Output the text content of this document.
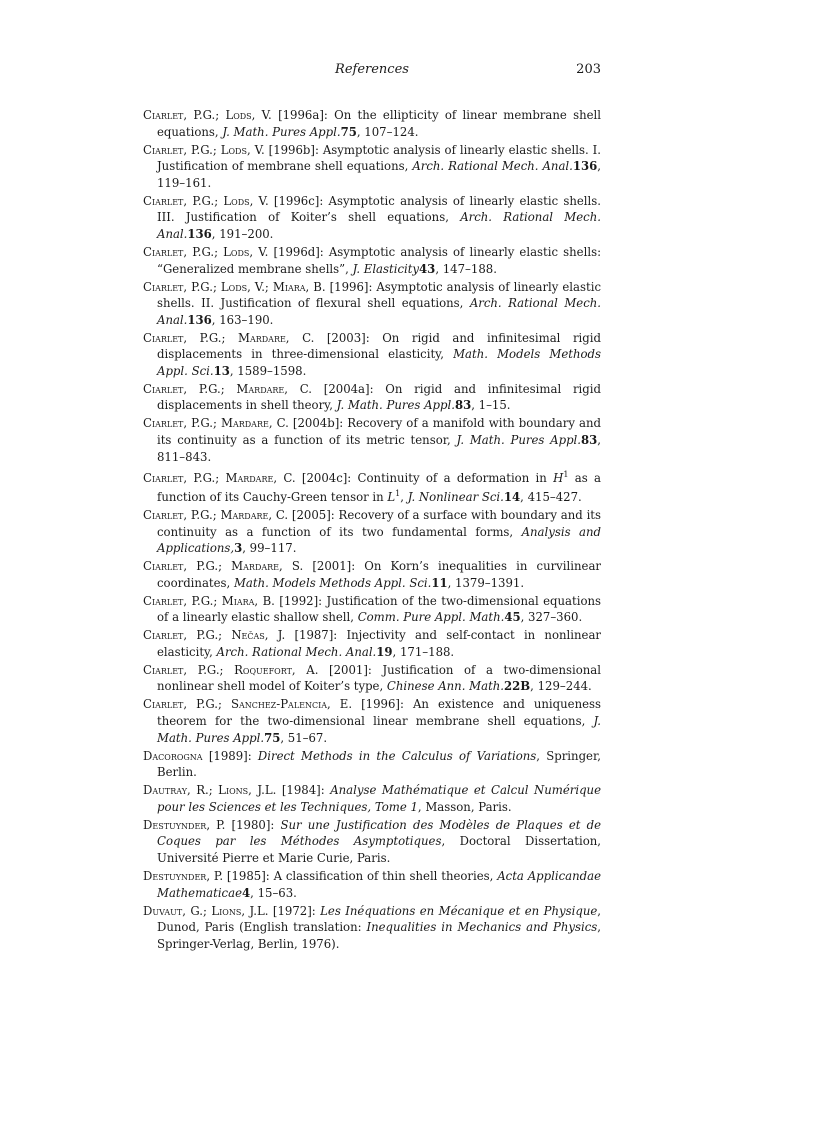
References	203
Ciarlet, P.G.; Lods, V. [1996a]: On the ellipticity of linear membrane shell equations, J. Math. Pures Appl.75, 107–124.
Ciarlet, P.G.; Lods, V. [1996b]: Asymptotic analysis of linearly elastic shells. I. Justification of membrane shell equations, Arch. Rational Mech. Anal.136, 119–161.
Ciarlet, P.G.; Lods, V. [1996c]: Asymptotic analysis of linearly elastic shells. III. Justification of Koiter’s shell equations, Arch. Rational Mech. Anal.136, 191–200.
Ciarlet, P.G.; Lods, V. [1996d]: Asymptotic analysis of linearly elastic shells: “Generalized membrane shells”, J. Elasticity43, 147–188.
Ciarlet, P.G.; Lods, V.; Miara, B. [1996]: Asymptotic analysis of linearly elastic shells. II. Justification of flexural shell equations, Arch. Rational Mech. Anal.136, 163–190.
Ciarlet, P.G.; Mardare, C. [2003]: On rigid and infinitesimal rigid displacements in three-dimensional elasticity, Math. Models Methods Appl. Sci.13, 1589–1598.
Ciarlet, P.G.; Mardare, C. [2004a]: On rigid and infinitesimal rigid displacements in shell theory, J. Math. Pures Appl.83, 1–15.
Ciarlet, P.G.; Mardare, C. [2004b]: Recovery of a manifold with boundary and its continuity as a function of its metric tensor, J. Math. Pures Appl.83, 811–843.
Ciarlet, P.G.; Mardare, C. [2004c]: Continuity of a deformation in $H^1$ as a function of its Cauchy-Green tensor in $L^1$, J. Nonlinear Sci.14, 415–427.
Ciarlet, P.G.; Mardare, C. [2005]: Recovery of a surface with boundary and its continuity as a function of its two fundamental forms, Analysis and Applications,3, 99–117.
Ciarlet, P.G.; Mardare, S. [2001]: On Korn’s inequalities in curvilinear coordinates, Math. Models Methods Appl. Sci.11, 1379–1391.
Ciarlet, P.G.; Miara, B. [1992]: Justification of the two-dimensional equations of a linearly elastic shallow shell, Comm. Pure Appl. Math.45, 327–360.
Ciarlet, P.G.; Nečas, J. [1987]: Injectivity and self-contact in nonlinear elasticity, Arch. Rational Mech. Anal.19, 171–188.
Ciarlet, P.G.; Roquefort, A. [2001]: Justification of a two-dimensional nonlinear shell model of Koiter’s type, Chinese Ann. Math.22B, 129–244.
Ciarlet, P.G.; Sanchez-Palencia, E. [1996]: An existence and uniqueness theorem for the two-dimensional linear membrane shell equations, J. Math. Pures Appl.75, 51–67.
Dacorogna [1989]: Direct Methods in the Calculus of Variations, Springer, Berlin.
Dautray, R.; Lions, J.L. [1984]: Analyse Mathématique et Calcul Numérique pour les Sciences et les Techniques, Tome 1, Masson, Paris.
Destuynder, P. [1980]: Sur une Justification des Modèles de Plaques et de Coques par les Méthodes Asymptotiques, Doctoral Dissertation, Université Pierre et Marie Curie, Paris.
Destuynder, P. [1985]: A classification of thin shell theories, Acta Applicandae Mathematicae4, 15–63.
Duvaut, G.; Lions, J.L. [1972]: Les Inéquations en Mécanique et en Physique, Dunod, Paris (English translation: Inequalities in Mechanics and Physics, Springer-Verlag, Berlin, 1976).
